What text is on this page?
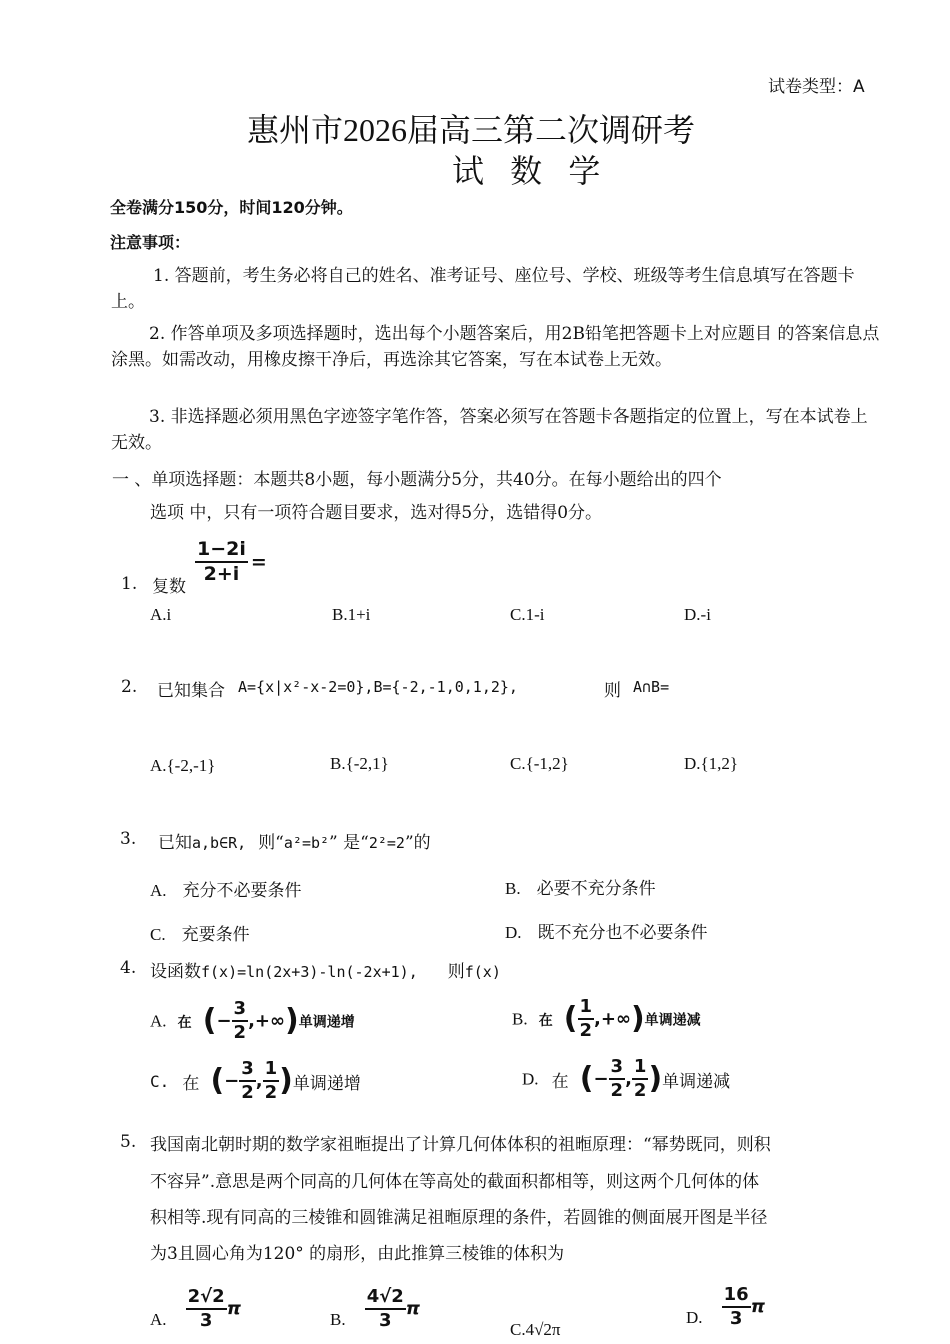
试卷类型：A
惠州市2026届高三第二次调研考
试 数 学
全卷满分150分，时间120分钟。
注意事项：
1. 答题前，考生务必将自己的姓名、准考证号、座位号、学校、班级等考生信息填写在答题卡上。
2. 作答单项及多项选择题时，选出每个小题答案后，用2B铅笔把答题卡上对应题目 的答案信息点涂黑。如需改动，用橡皮擦干净后，再选涂其它答案，写在本试卷上无效。
3. 非选择题必须用黑色字迹签字笔作答，答案必须写在答题卡各题指定的位置上，写在本试卷上无效。
一 、单项选择题：本题共8小题，每小题满分5分，共40分。在每小题给出的四个
选项 中，只有一项符合题目要求，选对得5分，选错得0分。
1. 复数
$\frac{1-2i}{2+i}$ =
A.i	B.1+i	C.1-i	D.-i
2. 已知集合 A={x|x²-x-2=0},B={-2,-1,0,1,2},	则 A∩B=
A.{-2,-1}	B.{-2,1}	C.{-1,2}	D.{1,2}
3. 已知a,b∈R, 则“a²=b²” 是“2²=2”的
A. 充分不必要条件	B. 必要不充分条件
C. 充要条件	D. 既不充分也不必要条件
4. 设函数f(x)=ln(2x+3)-ln(-2x+1), 则f(x)
A. 在 (− $\frac{3}{2}$ ,+∞)单调递增	B. 在 ( $\frac{1}{2}$ ,+∞)单调递减
C. 在 (− $\frac{3}{2}$ , $\frac{1}{2}$ )单调递增	D. 在 (− $\frac{3}{2}$ , $\frac{1}{2}$ )单调递减
5. 我国南北朝时期的数学家祖暅提出了计算几何体体积的祖暅原理：“幂势既同，则积
不容异”.意思是两个同高的几何体在等高处的截面积都相等，则这两个几何体的体
积相等.现有同高的三棱锥和圆锥满足祖暅原理的条件，若圆锥的侧面展开图是半径
为3且圆心角为120° 的扇形，由此推算三棱锥的体积为
A. $\frac{2√2}{3}$ π	B. $\frac{4√2}{3}$ π
C.4√2π
D. $\frac{16}{3}$ π
